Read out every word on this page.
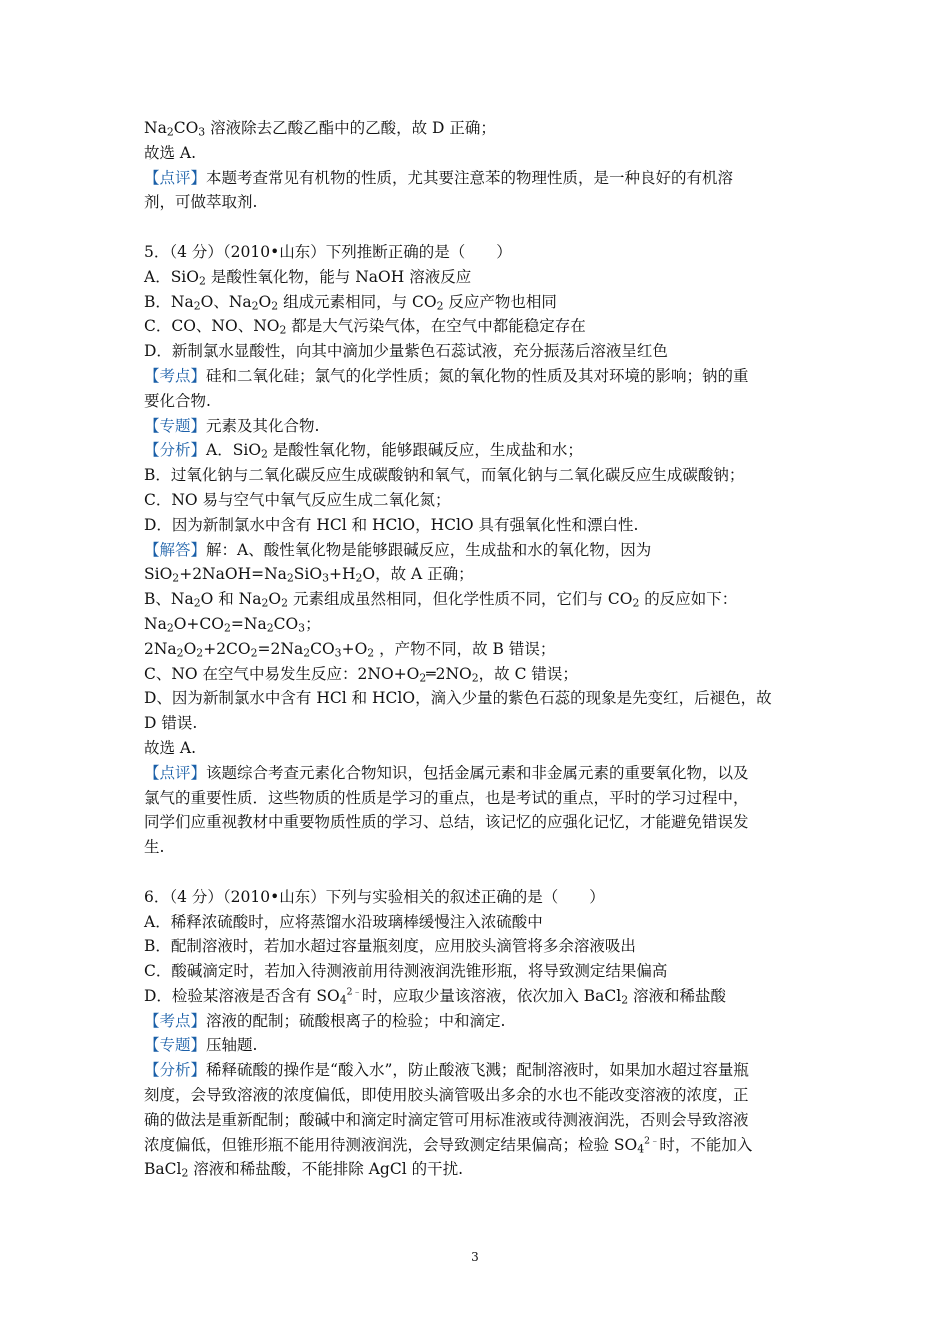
$Na_2CO_3$ 溶液除去乙酸乙酯中的乙酸，故 D 正确；
故选 A.
【点评】本题考查常见有机物的性质，尤其要注意苯的物理性质，是一种良好的有机溶
剂，可做萃取剂.
5．（4 分）（2010•山东）下列推断正确的是（　　）
A．SiO$_2$ 是酸性氧化物，能与 NaOH 溶液反应
B．$Na_2O$、$Na_2O_2$ 组成元素相同，与 $CO_2$ 反应产物也相同
C．CO、NO、$NO_2$ 都是大气污染气体，在空气中都能稳定存在
D．新制氯水显酸性，向其中滴加少量紫色石蕊试液，充分振荡后溶液呈红色
【考点】硅和二氧化硅；氯气的化学性质；氮的氧化物的性质及其对环境的影响；钠的重
要化合物.
【专题】元素及其化合物.
【分析】A．SiO$_2$ 是酸性氧化物，能够跟碱反应，生成盐和水；
B．过氧化钠与二氧化碳反应生成碳酸钠和氧气，而氧化钠与二氧化碳反应生成碳酸钠；
C．NO 易与空气中氧气反应生成二氧化氮；
D．因为新制氯水中含有 HCl 和 HClO，HClO 具有强氧化性和漂白性.
【解答】解：A、酸性氧化物是能够跟碱反应，生成盐和水的氧化物，因为
$SiO_2+2NaOH=Na_2SiO_3+H_2O$，故 A 正确；
B、$Na_2O$ 和 $Na_2O_2$ 元素组成虽然相同，但化学性质不同，它们与 $CO_2$ 的反应如下：
$Na_2O+CO_2=Na_2CO_3$；
$2Na_2O_2+2CO_2=2Na_2CO_3+O_2$ ，产物不同，故 B 错误；
C、NO 在空气中易发生反应：$2NO+O_2═2NO_2$，故 C 错误；
D、因为新制氯水中含有 HCl 和 HClO，滴入少量的紫色石蕊的现象是先变红，后褪色，故
D 错误.
故选 A.
【点评】该题综合考查元素化合物知识，包括金属元素和非金属元素的重要氧化物，以及
氯气的重要性质．这些物质的性质是学习的重点，也是考试的重点，平时的学习过程中，
同学们应重视教材中重要物质性质的学习、总结，该记忆的应强化记忆，才能避免错误发
生.
6．（4 分）（2010•山东）下列与实验相关的叙述正确的是（　　）
A．稀释浓硫酸时，应将蒸馏水沿玻璃棒缓慢注入浓硫酸中
B．配制溶液时，若加水超过容量瓶刻度，应用胶头滴管将多余溶液吸出
C．酸碱滴定时，若加入待测液前用待测液润洗锥形瓶，将导致测定结果偏高
D．检验某溶液是否含有 $SO_4^{2﹣}$时，应取少量该溶液，依次加入 BaCl$_2$ 溶液和稀盐酸
【考点】溶液的配制；硫酸根离子的检验；中和滴定.
【专题】压轴题.
【分析】稀释硫酸的操作是“酸入水”，防止酸液飞溅；配制溶液时，如果加水超过容量瓶
刻度，会导致溶液的浓度偏低，即使用胶头滴管吸出多余的水也不能改变溶液的浓度，正
确的做法是重新配制；酸碱中和滴定时滴定管可用标准液或待测液润洗，否则会导致溶液
浓度偏低，但锥形瓶不能用待测液润洗，会导致测定结果偏高；检验 $SO_4^{2﹣}$时，不能加入
BaCl$_2$ 溶液和稀盐酸，不能排除 AgCl 的干扰.
3
